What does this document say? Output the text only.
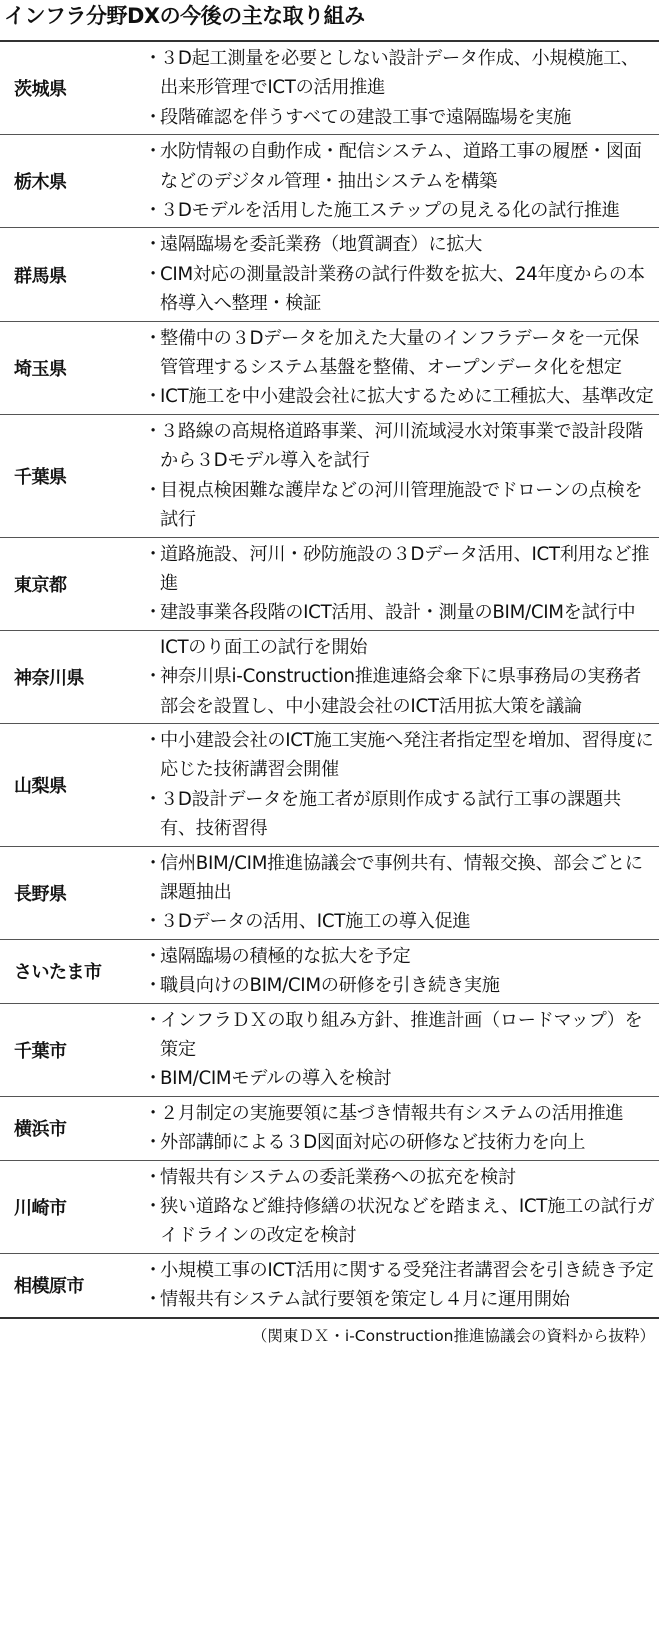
インフラ分野DXの今後の主な取り組み
茨城県	・
３D起工測量を必要としない設計データ作成、小規模施工、出来形管理でICTの活用推進
・
段階確認を伴うすべての建設工事で遠隔臨場を実施

栃木県	・
水防情報の自動作成・配信システム、道路工事の履歴・図面などのデジタル管理・抽出システムを構築
・
３Dモデルを活用した施工ステップの見える化の試行推進

群馬県	・
遠隔臨場を委託業務（地質調査）に拡大
・
CIM対応の測量設計業務の試行件数を拡大、24年度からの本格導入へ整理・検証

埼玉県	・
整備中の３Dデータを加えた大量のインフラデータを一元保管管理するシステム基盤を整備、オープンデータ化を想定
・
ICT施工を中小建設会社に拡大するために工種拡大、基準改定

千葉県	・
３路線の高規格道路事業、河川流域浸水対策事業で設計段階から３Dモデル導入を試行
・
目視点検困難な護岸などの河川管理施設でドローンの点検を試行

東京都	・
道路施設、河川・砂防施設の３Dデータ活用、ICT利用など推進
・
建設事業各段階のICT活用、設計・測量のBIM/CIMを試行中

神奈川県	ICTのり面工の試行を開始
・
神奈川県i-Construction推進連絡会傘下に県事務局の実務者部会を設置し、中小建設会社のICT活用拡大策を議論

山梨県	・
中小建設会社のICT施工実施へ発注者指定型を増加、習得度に応じた技術講習会開催
・
３D設計データを施工者が原則作成する試行工事の課題共有、技術習得

長野県	・
信州BIM/CIM推進協議会で事例共有、情報交換、部会ごとに課題抽出
・
３Dデータの活用、ICT施工の導入促進

さいたま市	・
遠隔臨場の積極的な拡大を予定
・
職員向けのBIM/CIMの研修を引き続き実施

千葉市	・
インフラＤＸの取り組み方針、推進計画（ロードマップ）を策定
・
BIM/CIMモデルの導入を検討

横浜市	・
２月制定の実施要領に基づき情報共有システムの活用推進
・
外部講師による３D図面対応の研修など技術力を向上

川崎市	・
情報共有システムの委託業務への拡充を検討
・
狭い道路など維持修繕の状況などを踏まえ、ICT施工の試行ガイドラインの改定を検討

相模原市	・
小規模工事のICT活用に関する受発注者講習会を引き続き予定
・
情報共有システム試行要領を策定し４月に運用開始
（関東ＤＸ・i-Construction推進協議会の資料から抜粋）
